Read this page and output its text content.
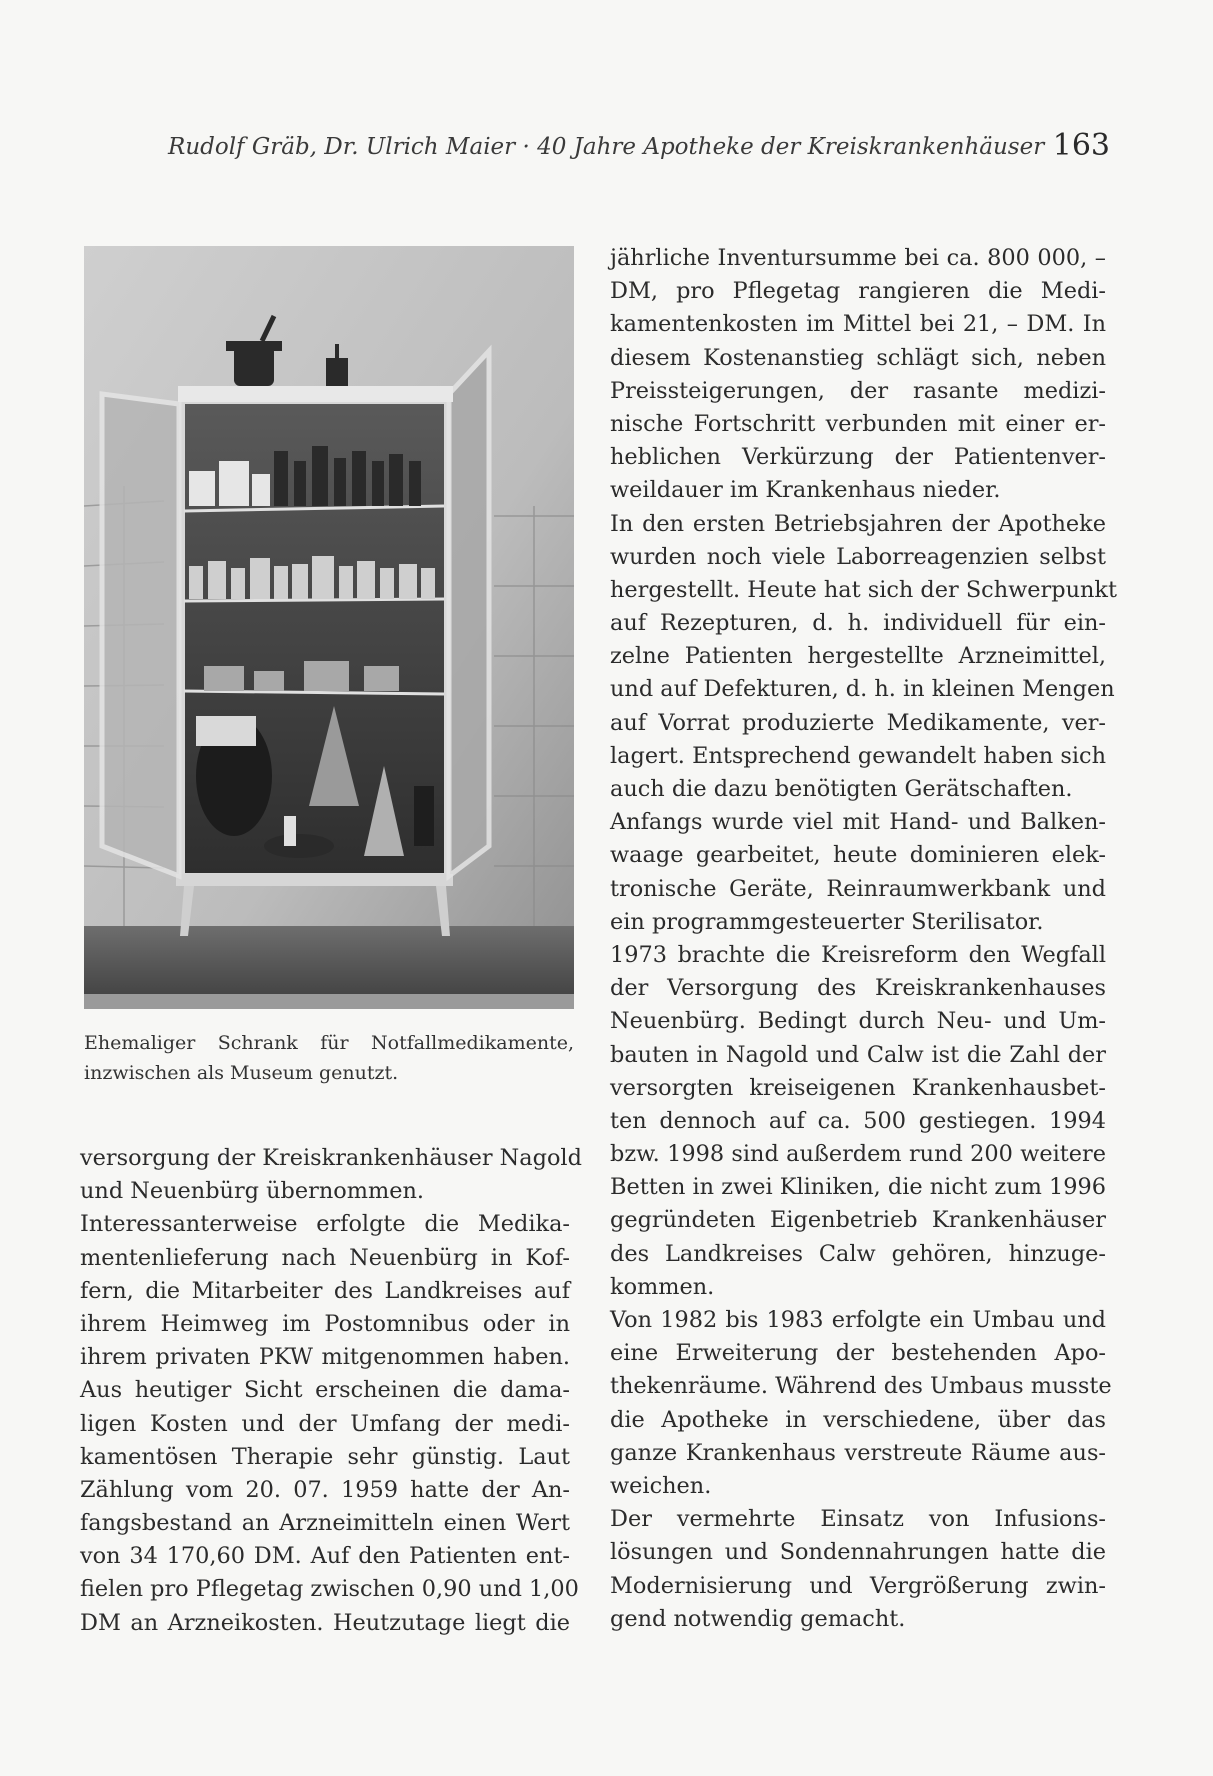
Rudolf Gräb, Dr. Ulrich Maier · 40 Jahre Apotheke der Kreiskrankenhäuser 163
Ehemaliger Schrank für Notfallmedikamente,
inzwischen als Museum genutzt.
versorgung der Kreiskrankenhäuser Nagold
und Neuenbürg übernommen.
Interessanterweise erfolgte die Medika-
mentenlieferung nach Neuenbürg in Kof-
fern, die Mitarbeiter des Landkreises auf
ihrem Heimweg im Postomnibus oder in
ihrem privaten PKW mitgenommen haben.
Aus heutiger Sicht erscheinen die dama-
ligen Kosten und der Umfang der medi-
kamentösen Therapie sehr günstig. Laut
Zählung vom 20. 07. 1959 hatte der An-
fangsbestand an Arzneimitteln einen Wert
von 34 170,60 DM. Auf den Patienten ent-
fielen pro Pflegetag zwischen 0,90 und 1,00
DM an Arzneikosten. Heutzutage liegt die
jährliche Inventursumme bei ca. 800 000, –
DM, pro Pflegetag rangieren die Medi-
kamentenkosten im Mittel bei 21, – DM. In
diesem Kostenanstieg schlägt sich, neben
Preissteigerungen, der rasante medizi-
nische Fortschritt verbunden mit einer er-
heblichen Verkürzung der Patientenver-
weildauer im Krankenhaus nieder.
In den ersten Betriebsjahren der Apotheke
wurden noch viele Laborreagenzien selbst
hergestellt. Heute hat sich der Schwerpunkt
auf Rezepturen, d. h. individuell für ein-
zelne Patienten hergestellte Arzneimittel,
und auf Defekturen, d. h. in kleinen Mengen
auf Vorrat produzierte Medikamente, ver-
lagert. Entsprechend gewandelt haben sich
auch die dazu benötigten Gerätschaften.
Anfangs wurde viel mit Hand- und Balken-
waage gearbeitet, heute dominieren elek-
tronische Geräte, Reinraumwerkbank und
ein programmgesteuerter Sterilisator.
1973 brachte die Kreisreform den Wegfall
der Versorgung des Kreiskrankenhauses
Neuenbürg. Bedingt durch Neu- und Um-
bauten in Nagold und Calw ist die Zahl der
versorgten kreiseigenen Krankenhausbet-
ten dennoch auf ca. 500 gestiegen. 1994
bzw. 1998 sind außerdem rund 200 weitere
Betten in zwei Kliniken, die nicht zum 1996
gegründeten Eigenbetrieb Krankenhäuser
des Landkreises Calw gehören, hinzuge-
kommen.
Von 1982 bis 1983 erfolgte ein Umbau und
eine Erweiterung der bestehenden Apo-
thekenräume. Während des Umbaus musste
die Apotheke in verschiedene, über das
ganze Krankenhaus verstreute Räume aus-
weichen.
Der vermehrte Einsatz von Infusions-
lösungen und Sondennahrungen hatte die
Modernisierung und Vergrößerung zwin-
gend notwendig gemacht.
